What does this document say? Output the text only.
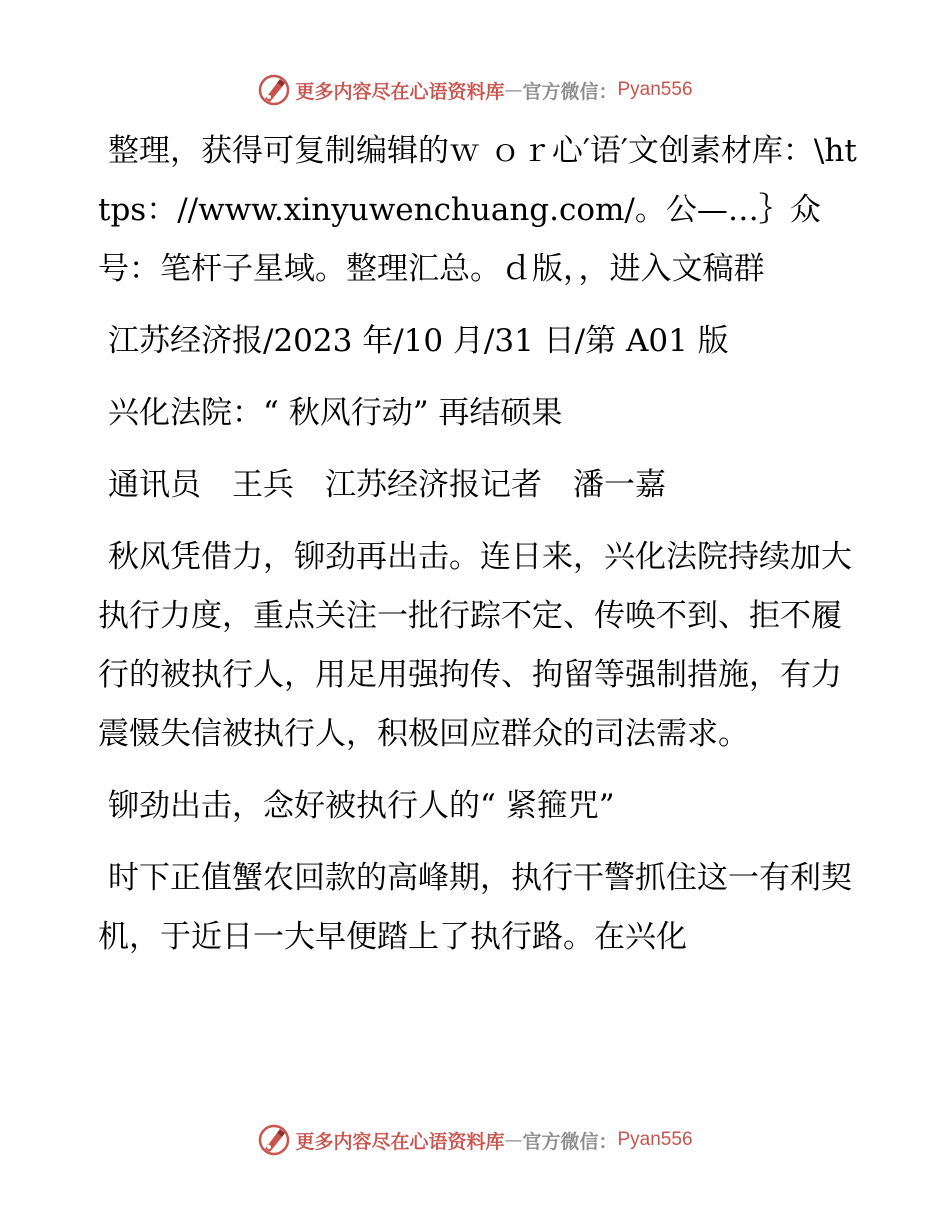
更多内容尽在心语资料库 — 官方微信： Pyan556

整理，获得可复制编辑的ｗ ｏｒ心′语′文创素材库：\https：//www.xinyuwenchuang.com/。公—…｝众号：笔杆子星域。整理汇总。ｄ版，，进入文稿群

江苏经济报/2023 年/10 月/31 日/第 A01 版

兴化法院：“ 秋风行动” 再结硕果

通讯员　王兵　江苏经济报记者　潘一嘉

秋风凭借力，铆劲再出击。连日来，兴化法院持续加大执行力度，重点关注一批行踪不定、传唤不到、拒不履行的被执行人，用足用强拘传、拘留等强制措施，有力震慑失信被执行人，积极回应群众的司法需求。

铆劲出击，念好被执行人的“ 紧箍咒”

时下正值蟹农回款的高峰期，执行干警抓住这一有利契机，于近日一大早便踏上了执行路。在兴化

更多内容尽在心语资料库 — 官方微信： Pyan556
